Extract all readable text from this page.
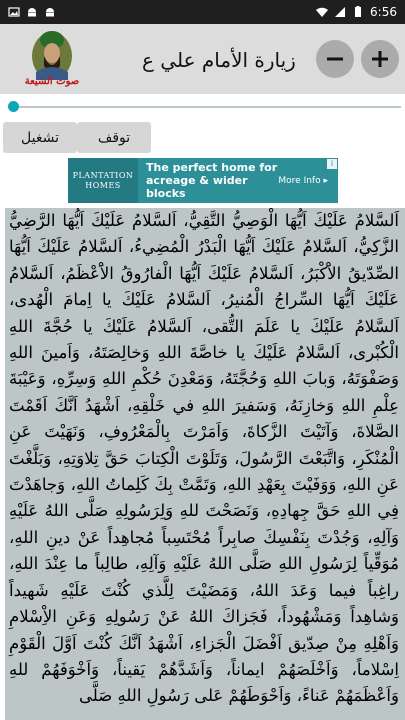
6:56
صوت الشيعة
زيارة الأمام علي ع
تشغيل	توقف
PLANTATION
HOMES
The perfect home for acreage & wider blocks
More Info ▸
i

اَلسَّلامُ عَلَيْكَ اَيُّهَا الْوَصِيُّ التَّقِيُّ، اَلسَّلامُ عَلَيْكَ اَيُّهَا الرَّضِيُّ الزَّكِيُّ، اَلسَّلامُ عَلَيْكَ اَيُّهَا الْبَدْرُ الْمُضِيءُ، اَلسَّلامُ عَلَيْكَ اَيُّهَا الصِّدّيقُ الاَْكْبَرُ، اَلسَّلامُ عَلَيْكَ اَيُّهَا الْفارُوقُ الاَْعْظَمُ، اَلسَّلامُ عَلَيْكَ اَيُّهَا السِّراجُ الْمُنيرُ، اَلسَّلامُ عَلَيْكَ يا اِمامَ الْهُدى، اَلسَّلامُ عَلَيْكَ يا عَلَمَ التُّقى، اَلسَّلامُ عَلَيْكَ يا حُجَّةَ اللهِ الْكُبْرى، اَلسَّلامُ عَلَيْكَ يا خاصَّةَ اللهِ وَخالِصَتَهُ، وَاَمينَ اللهِ وَصَفْوَتَهُ، وَبابَ اللهِ وَحُجَّتَهُ، وَمَعْدِنَ حُكْمِ اللهِ وَسِرِّهِ، وَعَيْبَةَ عِلْمِ اللهِ وَخازِنَهُ، وَسَفيرَ اللهِ في خَلْقِهِ، اَشْهَدُ اَنَّكَ اَقَمْتَ الصَّلاةَ، وَآتَيْتَ الزَّكاةَ، وَاَمَرْتَ بِالْمَعْرُوفِ، وَنَهَيْتَ عَنِ الْمُنْكَرِ، وَاتَّبَعْتَ الرَّسُولَ، وَتَلَوْتَ الْكِتابَ حَقَّ تِلاوَتِهِ، وَبَلَّغْتَ عَنِ اللهِ، وَوَفَيْتَ بِعَهْدِ اللهِ، وَتَمَّتْ بِكَ كَلِماتُ اللهِ، وَجاهَدْتَ فِي اللهِ حَقَّ جِهادِهِ، وَنَصَحْتَ للهِ وَلِرَسُولِهِ صَلَّى اللهُ عَلَيْهِ وَآلِهِ، وَجُدْتَ بِنَفْسِكَ صابِراً مُحْتَسِباً مُجاهِداً عَنْ دينِ اللهِ، مُوَقِّياً لِرَسُولِ اللهِ صَلَّى اللهُ عَلَيْهِ وَآلِهِ، طالِباً ما عِنْدَ اللهِ، راغِباً فيما وَعَدَ اللهُ، وَمَضَيْتَ لِلَّذي كُنْتَ عَلَيْهِ شَهيداً وَشاهِداً وَمَشْهُوداً، فَجَزاكَ اللهُ عَنْ رَسُولِهِ وَعَنِ الاِْسْلامِ وَاَهْلِهِ مِنْ صِدّيق اَفْضَلَ الْجَزاءِ، اَشْهَدُ اَنَّكَ كُنْتَ اَوَّلَ الْقَوْمِ اِسْلاماً، وَاَخْلَصَهُمْ ايماناً، وَاَشَدَّهُمْ يَقيناً، وَاَخْوَفَهُمْ للهِ وَاَعْظَمَهُمْ عَناءً، وَاَحْوَطَهُمْ عَلى رَسُولِ اللهِ صَلَّى
